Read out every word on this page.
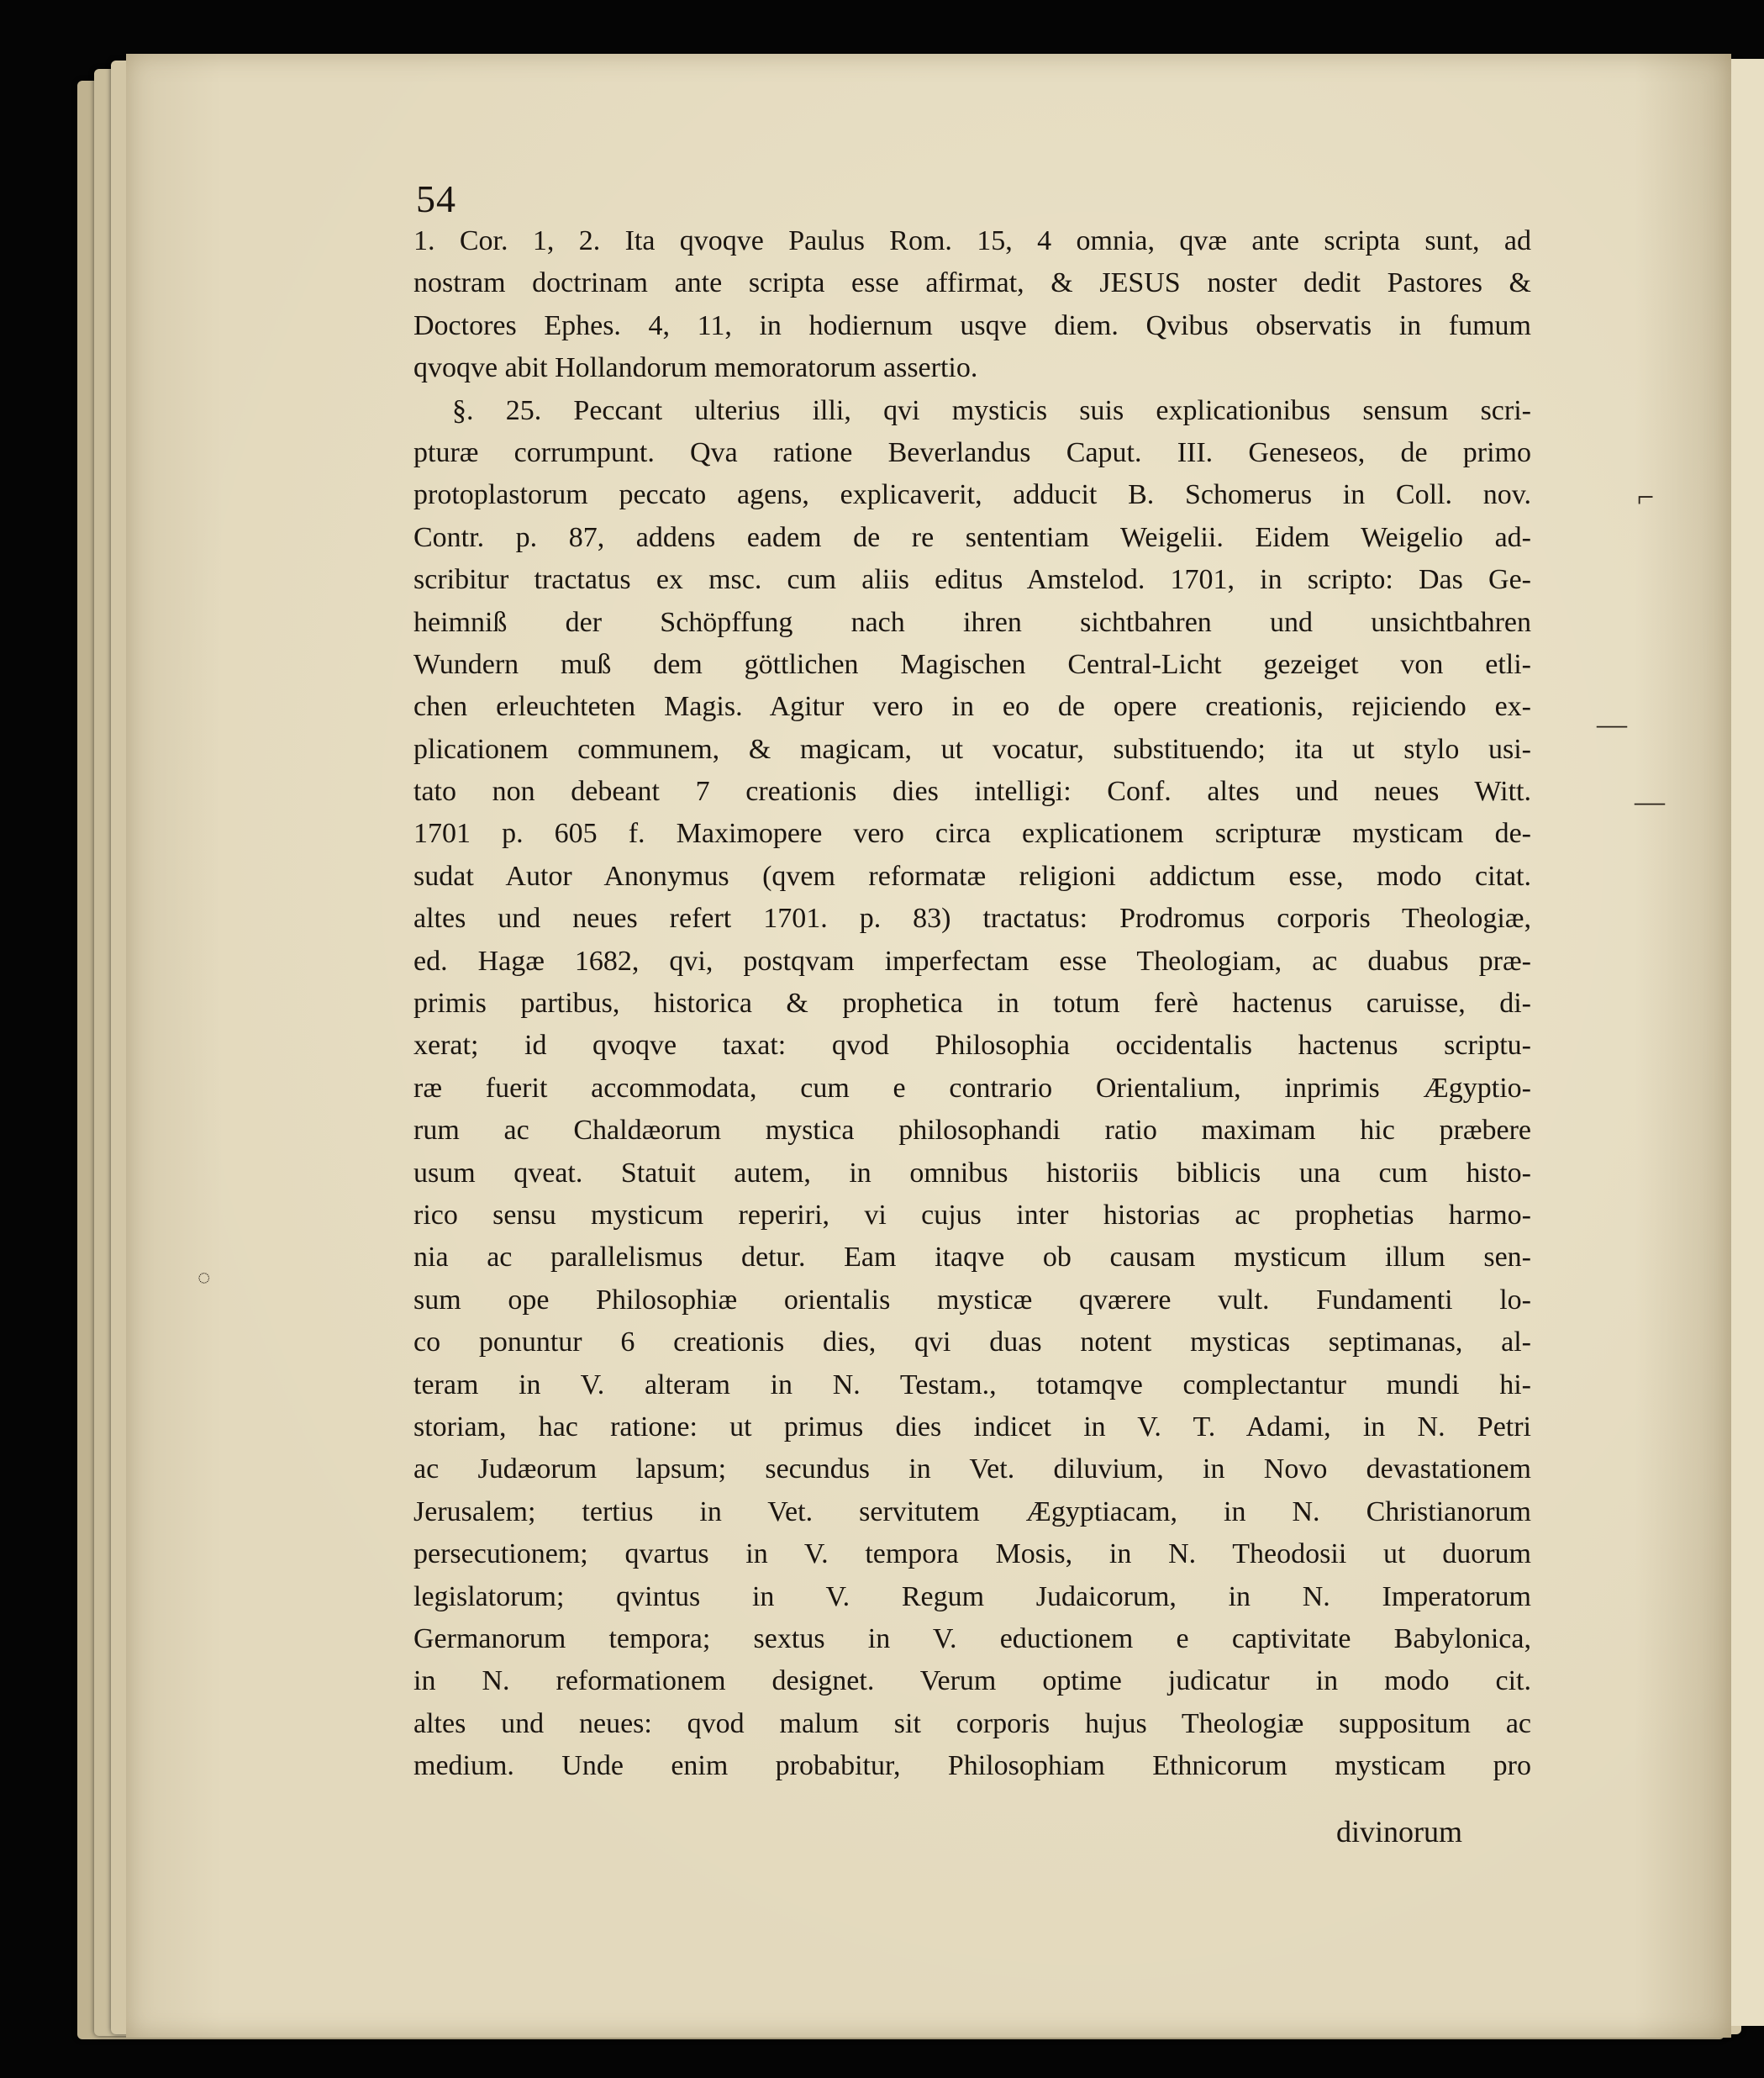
54
1. Cor. 1, 2. Ita qvoqve Paulus Rom. 15, 4 omnia, qvæ ante scripta sunt, ad
nostram doctrinam ante scripta esse affirmat, & JESUS noster dedit Pastores &
Doctores Ephes. 4, 11, in hodiernum usqve diem. Qvibus observatis in fumum
qvoqve abit Hollandorum memoratorum assertio.
§. 25. Peccant ulterius illi, qvi mysticis suis explicationibus sensum scri-
pturæ corrumpunt. Qva ratione Beverlandus Caput. III. Geneseos, de primo
protoplastorum peccato agens, explicaverit, adducit B. Schomerus in Coll. nov.
Contr. p. 87, addens eadem de re sententiam Weigelii. Eidem Weigelio ad-
scribitur tractatus ex msc. cum aliis editus Amstelod. 1701, in scripto: Das Ge-
heimniß der Schöpffung nach ihren sichtbahren und unsichtbahren
Wundern muß dem göttlichen Magischen Central-Licht gezeiget von etli-
chen erleuchteten Magis. Agitur vero in eo de opere creationis, rejiciendo ex-
plicationem communem, & magicam, ut vocatur, substituendo; ita ut stylo usi-
tato non debeant 7 creationis dies intelligi: Conf. altes und neues Witt.
1701 p. 605 f. Maximopere vero circa explicationem scripturæ mysticam de-
sudat Autor Anonymus (qvem reformatæ religioni addictum esse, modo citat.
altes und neues refert 1701. p. 83) tractatus: Prodromus corporis Theologiæ,
ed. Hagæ 1682, qvi, postqvam imperfectam esse Theologiam, ac duabus præ-
primis partibus, historica & prophetica in totum ferè hactenus caruisse, di-
xerat; id qvoqve taxat: qvod Philosophia occidentalis hactenus scriptu-
ræ fuerit accommodata, cum e contrario Orientalium, inprimis Ægyptio-
rum ac Chaldæorum mystica philosophandi ratio maximam hic præbere
usum qveat. Statuit autem, in omnibus historiis biblicis una cum histo-
rico sensu mysticum reperiri, vi cujus inter historias ac prophetias harmo-
nia ac parallelismus detur. Eam itaqve ob causam mysticum illum sen-
sum ope Philosophiæ orientalis mysticæ qværere vult. Fundamenti lo-
co ponuntur 6 creationis dies, qvi duas notent mysticas septimanas, al-
teram in V. alteram in N. Testam., totamqve complectantur mundi hi-
storiam, hac ratione: ut primus dies indicet in V. T. Adami, in N. Petri
ac Judæorum lapsum; secundus in Vet. diluvium, in Novo devastationem
Jerusalem; tertius in Vet. servitutem Ægyptiacam, in N. Christianorum
persecutionem; qvartus in V. tempora Mosis, in N. Theodosii ut duorum
legislatorum; qvintus in V. Regum Judaicorum, in N. Imperatorum
Germanorum tempora; sextus in V. eductionem e captivitate Babylonica,
in N. reformationem designet. Verum optime judicatur in modo cit.
altes und neues: qvod malum sit corporis hujus Theologiæ suppositum ac
medium. Unde enim probabitur, Philosophiam Ethnicorum mysticam pro
divinorum
⌐
—
—
◌
